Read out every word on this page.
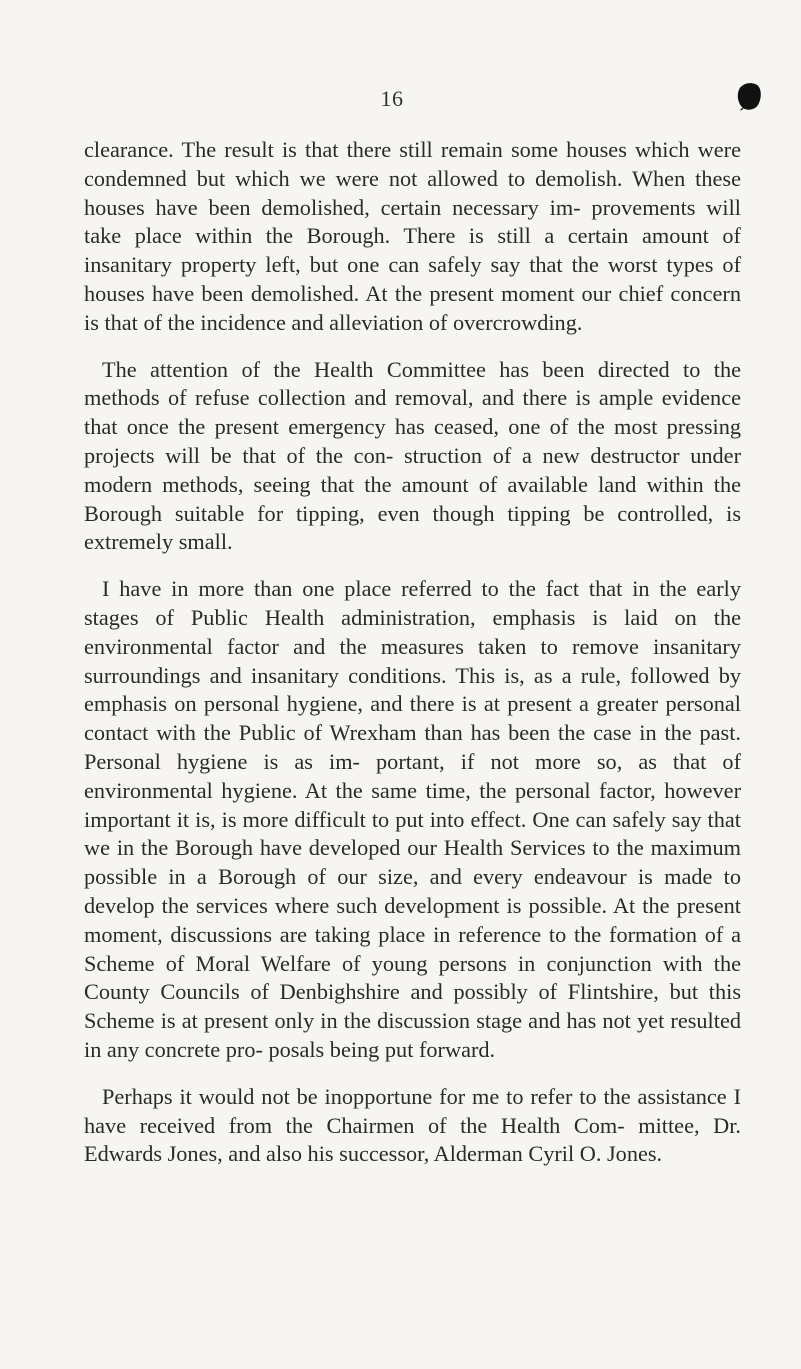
16

clearance. The result is that there still remain some houses which were condemned but which we were not allowed to demolish. When these houses have been demolished, certain necessary im- provements will take place within the Borough. There is still a certain amount of insanitary property left, but one can safely say that the worst types of houses have been demolished. At the present moment our chief concern is that of the incidence and alleviation of overcrowding.

The attention of the Health Committee has been directed to the methods of refuse collection and removal, and there is ample evidence that once the present emergency has ceased, one of the most pressing projects will be that of the con- struction of a new destructor under modern methods, seeing that the amount of available land within the Borough suitable for tipping, even though tipping be controlled, is extremely small.

I have in more than one place referred to the fact that in the early stages of Public Health administration, emphasis is laid on the environmental factor and the measures taken to remove insanitary surroundings and insanitary conditions. This is, as a rule, followed by emphasis on personal hygiene, and there is at present a greater personal contact with the Public of Wrexham than has been the case in the past. Personal hygiene is as im- portant, if not more so, as that of environmental hygiene. At the same time, the personal factor, however important it is, is more difficult to put into effect. One can safely say that we in the Borough have developed our Health Services to the maximum possible in a Borough of our size, and every endeavour is made to develop the services where such development is possible. At the present moment, discussions are taking place in reference to the formation of a Scheme of Moral Welfare of young persons in conjunction with the County Councils of Denbighshire and possibly of Flintshire, but this Scheme is at present only in the discussion stage and has not yet resulted in any concrete pro- posals being put forward.

Perhaps it would not be inopportune for me to refer to the assistance I have received from the Chairmen of the Health Com- mittee, Dr. Edwards Jones, and also his successor, Alderman Cyril O. Jones.
